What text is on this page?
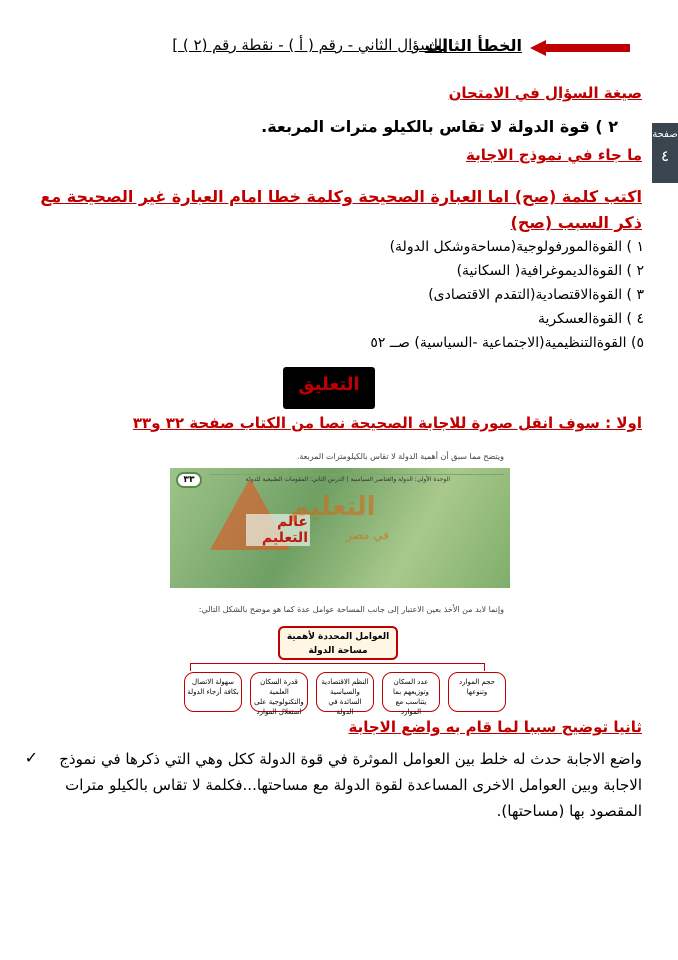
الخطأ الثالث
[السؤال الثاني - رقم ( أ ) - نقطة رقم (٢ ) ]
صيغة السؤال في الامتحان
٢ ) قوة الدولة لا تقاس بالكيلو مترات المربعة.	صفحة
٤
ما جاء في نموذج الاجابة
اكتب كلمة (صح) اما العبارة الصحيحة وكلمة خطا امام العبارة غير الصحيحة مع ذكر السبب (صح)
١ ) القوةالمورفولوجية(مساحةوشكل الدولة)
٢ ) القوةالديموغرافية( السكانية)
٣ ) القوةالاقتصادية(التقدم الاقتصادى)
٤ ) القوةالعسكرية
٥) القوةالتنظيمية(الاجتماعية -السياسية) صــ ٥٢
التعليق
اولا : سوف انقل صورة للاجابة الصحيحة نصا من الكتاب صفحة ٣٢ و٣٣
ويتضح مما سبق أن أهمية الدولة لا تقاس بالكيلومترات المربعة.
الوحدة الأولى: الدولة والعناصر السياسية | الدرس الثاني: المقومات الطبيعية للدولة
٣٣
عالم التعليم
التعليم
في مصر
وإنما لابد من الأخذ بعين الاعتبار إلى جانب المساحة عوامل عدة كما هو موضح بالشكل التالي:
العوامل المحددة لأهمية مساحة الدولة
حجم الموارد وتنوعها
عدد السكان وتوزيعهم بما يتناسب مع الموارد
النظم الاقتصادية والسياسية السائدة في الدولة
قدرة السكان العلمية والتكنولوجية على استغلال الموارد
سهولة الاتصال بكافة أرجاء الدولة
ثانيا توضيح سببا لما قام به واضع الاجابة
✓	واضع الاجابة حدث له خلط بين العوامل الموثرة في قوة الدولة ككل وهي التي ذكرها في نموذج الاجابة وبين العوامل الاخرى المساعدة لقوة الدولة مع مساحتها...فكلمة لا تقاس بالكيلو مترات المقصود بها (مساحتها).
